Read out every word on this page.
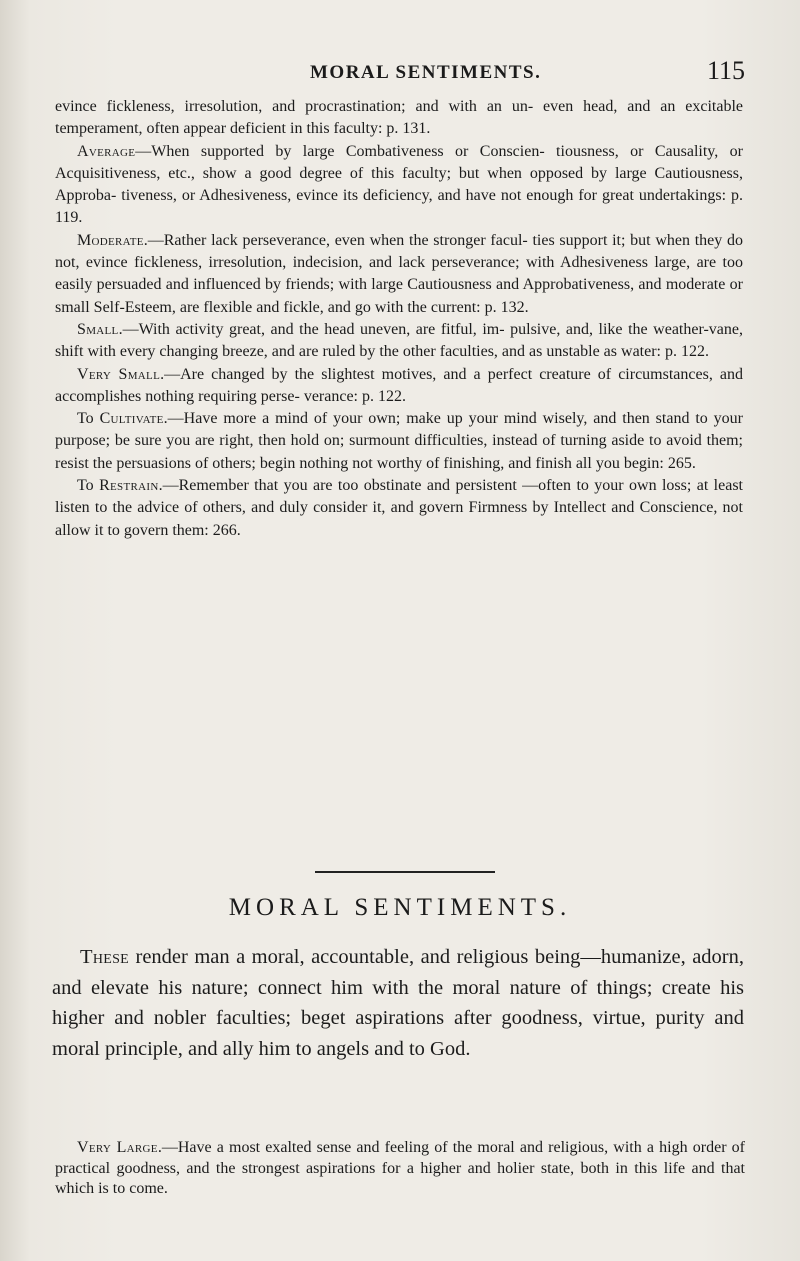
MORAL SENTIMENTS.	115

evince fickleness, irresolution, and procrastination; and with an un- even head, and an excitable temperament, often appear deficient in this faculty: p. 131.

Average—When supported by large Combativeness or Conscien- tiousness, or Causality, or Acquisitiveness, etc., show a good degree of this faculty; but when opposed by large Cautiousness, Approba- tiveness, or Adhesiveness, evince its deficiency, and have not enough for great undertakings: p. 119.

Moderate.—Rather lack perseverance, even when the stronger facul- ties support it; but when they do not, evince fickleness, irresolution, indecision, and lack perseverance; with Adhesiveness large, are too easily persuaded and influenced by friends; with large Cautiousness and Approbativeness, and moderate or small Self-Esteem, are flexible and fickle, and go with the current: p. 132.

Small.—With activity great, and the head uneven, are fitful, im- pulsive, and, like the weather-vane, shift with every changing breeze, and are ruled by the other faculties, and as unstable as water: p. 122.

Very Small.—Are changed by the slightest motives, and a perfect creature of circumstances, and accomplishes nothing requiring perse- verance: p. 122.

To Cultivate.—Have more a mind of your own; make up your mind wisely, and then stand to your purpose; be sure you are right, then hold on; surmount difficulties, instead of turning aside to avoid them; resist the persuasions of others; begin nothing not worthy of finishing, and finish all you begin: 265.

To Restrain.—Remember that you are too obstinate and persistent —often to your own loss; at least listen to the advice of others, and duly consider it, and govern Firmness by Intellect and Conscience, not allow it to govern them: 266.

MORAL SENTIMENTS.

These render man a moral, accountable, and religious being—humanize, adorn, and elevate his nature; connect him with the moral nature of things; create his higher and nobler faculties; beget aspirations after goodness, virtue, purity and moral principle, and ally him to angels and to God.

Very Large.—Have a most exalted sense and feeling of the moral and religious, with a high order of practical goodness, and the strongest aspirations for a higher and holier state, both in this life and that which is to come.
